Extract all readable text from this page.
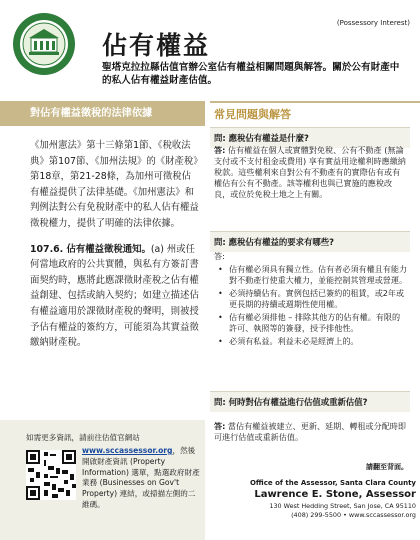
(Possessory Interest)
佔有權益
聖塔克拉拉縣估值官辦公室佔有權益相關問題與解答。關於公有財產中的私人佔有權益財產估值。
對佔有權益徵稅的法律依據

《加州憲法》第十三條第1節、《稅收法典》第107節、《加州法規》的《財產稅》第18章，第21-28條，為加州可徵稅佔有權益提供了法律基礎。《加州憲法》和判例法對公有免稅財產中的私人佔有權益徵稅權力，提供了明確的法律依據。

107.6. 佔有權益徵稅通知。(a) 州或任何當地政府的公共實體，與私有方簽訂書面契約時，應將此應課徵財產稅之佔有權益創建、包括或納入契約；如建立描述佔有權益適用於課徵財產稅的聲明，則被授予佔有權益的簽約方，可能須為其實益徵繳納財產稅。

如需更多資訊，請前往估值官網站
www.sccassessor.org，然後開啟財產資訊 (Property Information) 選單，點選政府財產業務 (Businesses on Gov't Property) 連結，或掃描左側的二維碼。
常見問題與解答
問: 應稅佔有權益是什麼?
答: 佔有權益在個人或實體對免稅、公有不動產 (無論支付或不支付租金或費用) 享有實益用途權利時應繳納稅款。這些權利來自對公有不動產有的實際佔有或有權佔有公有不動產。該等權利也與已實施的應稅改良，或位於免稅土地之上有關。
問: 應稅佔有權益的要求有哪些?
答:
• 佔有權必須具有獨立性。佔有者必須有權且有能力對不動產行使重大權力，並能控制其管理或營運。
• 必須持續佔有。實例包括已簽約的租賃，或2年或更長期的持續或週期性使用權。
• 佔有權必須排他 – 排除其他方的佔有權。有限的許可、執照等的簽發，授予排他性。
• 必須有私益。利益未必是經濟上的。
問: 何時對佔有權益進行估值或重新估值?
答: 當佔有權益被建立、更新、延期、轉租或分配時即可進行估值或重新估值。
請翻至背面。
Office of the Assessor, Santa Clara County
Lawrence E. Stone, Assessor
130 West Hedding Street, San Jose, CA 95110
(408) 299-5500 • www.sccassessor.org
